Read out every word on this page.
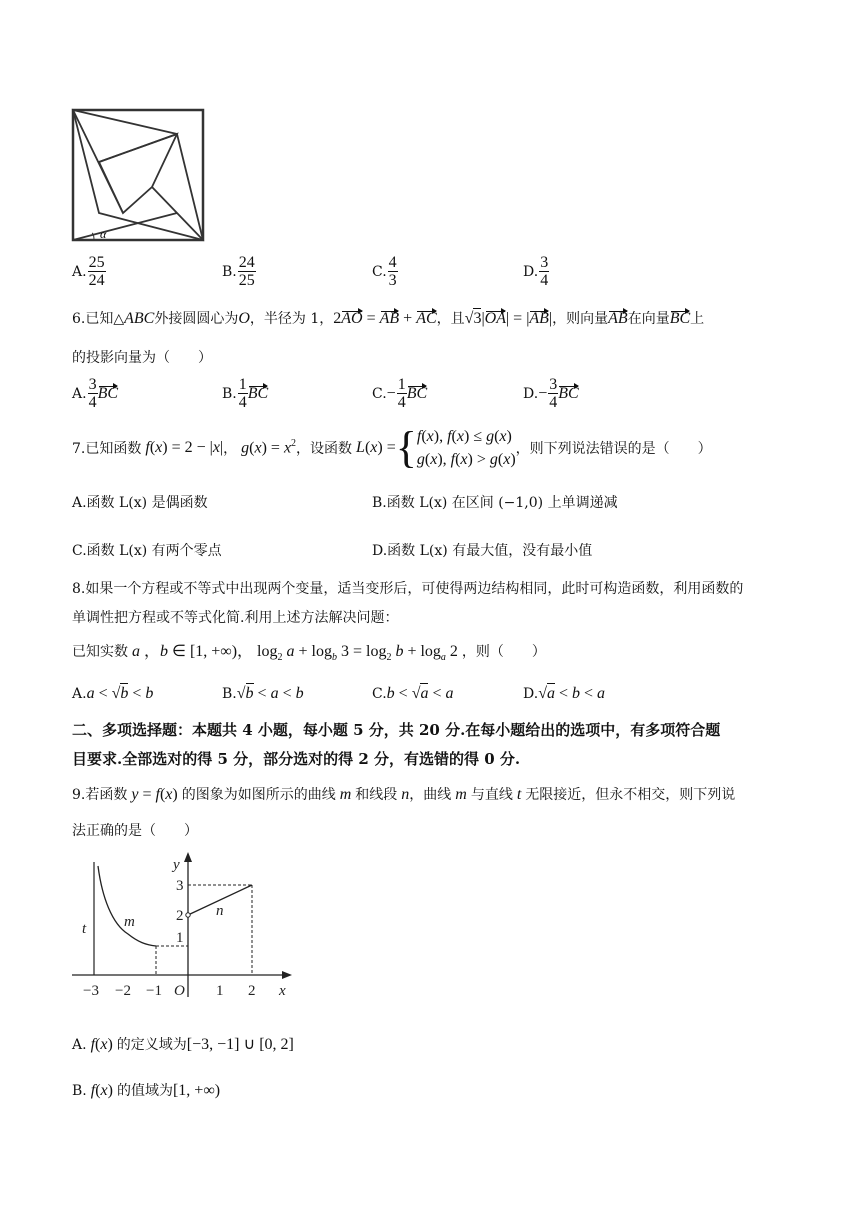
α
A. $\frac{25}{24}$	B. $\frac{24}{25}$	C. $\frac{4}{3}$	D. $\frac{3}{4}$
6.已知△ABC外接圆圆心为O，半径为 1，2AO = AB + AC，且√3|OA| = |AB|，则向量AB在向量BC上
的投影向量为（　　）
A. $\frac{3}{4}$ BC	B. $\frac{1}{4}$ BC	C. − $\frac{1}{4}$ BC	D. − $\frac{3}{4}$ BC
7.已知函数 f(x) = 2 − |x| ， $g(x) = x^2$ ，设函数 L(x) = { f(x), f(x) ≤ g(x)
g(x), f(x) > g(x)
，则下列说法错误的是（　　）
A.函数 L(x) 是偶函数	B.函数 L(x) 在区间 (−1,0) 上单调递减
C.函数 L(x) 有两个零点	D.函数 L(x) 有最大值，没有最小值
8.如果一个方程或不等式中出现两个变量，适当变形后，可使得两边结构相同，此时可构造函数，利用函数的
单调性把方程或不等式化简.利用上述方法解决问题：
已知实数 a ，b ∈ [1, +∞)， $\log_2 a + \log_b 3 = \log_2 b + \log_a 2$ ，则（　　）
A. a < √b < b	B. √b < a < b	C. b < √a < a	D. √a < b < a
二、多项选择题：本题共 4 小题，每小题 5 分，共 20 分.在每小题给出的选项中，有多项符合题
目要求.全部选对的得 5 分，部分选对的得 2 分，有选错的得 0 分.
9.若函数 y = f(x) 的图象为如图所示的曲线 m 和线段 n，曲线 m 与直线 t 无限接近，但永不相交，则下列说
法正确的是（　　）
y
x
t	m
n
3
2
1
−3 −2 −1 O 1 2
A. f(x) 的定义域为[−3, −1] ∪ [0, 2]
B. f(x) 的值域为[1, +∞)
